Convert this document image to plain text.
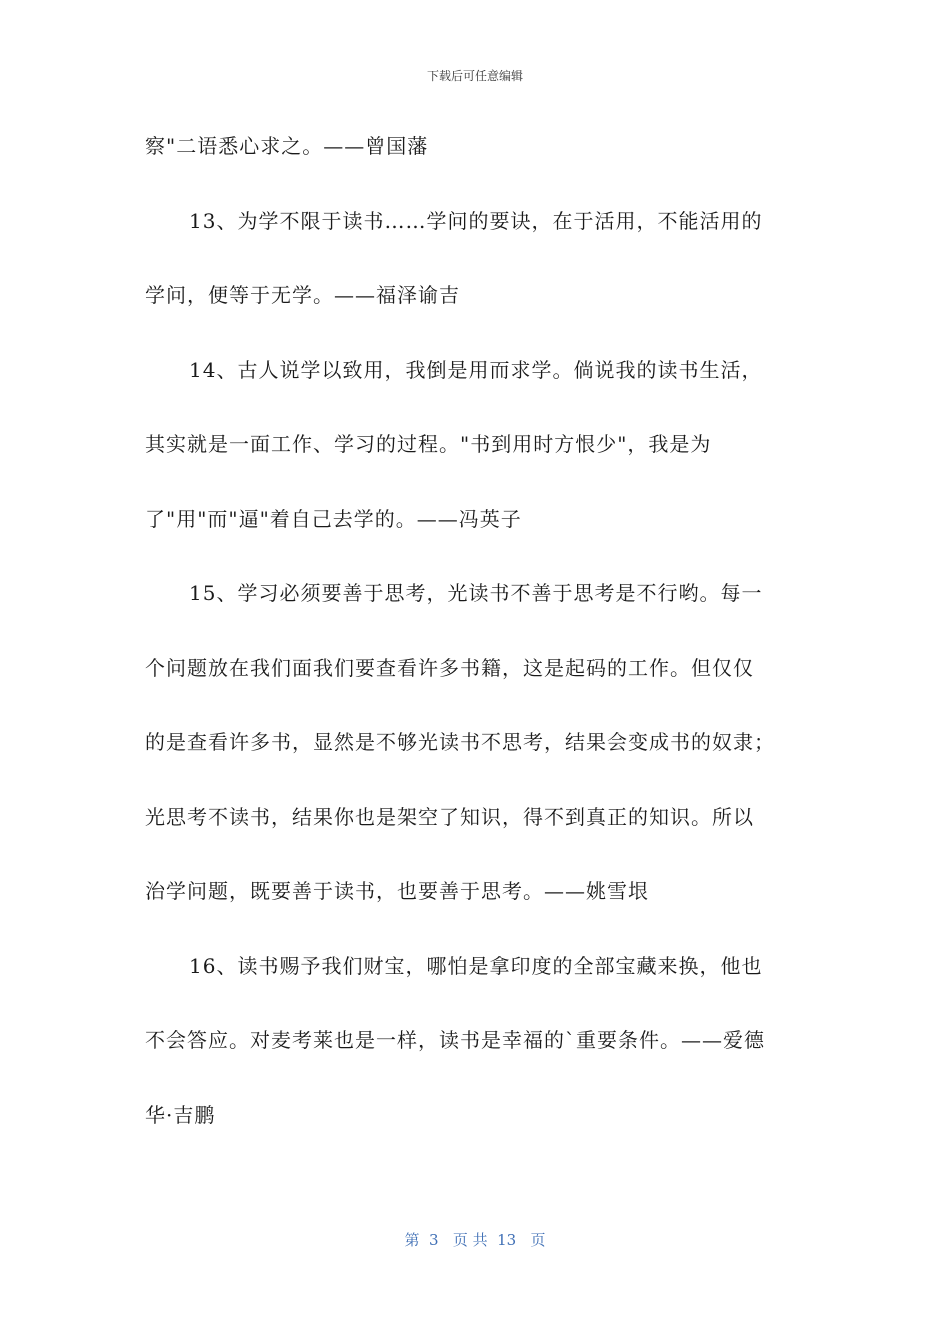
下载后可任意编辑
察"二语悉心求之。——曾国藩
13、为学不限于读书……学问的要诀，在于活用，不能活用的
学问，便等于无学。——福泽谕吉
14、古人说学以致用，我倒是用而求学。倘说我的读书生活，
其实就是一面工作、学习的过程。"书到用时方恨少"，我是为
了"用"而"逼"着自己去学的。——冯英子
15、学习必须要善于思考，光读书不善于思考是不行哟。每一
个问题放在我们面我们要查看许多书籍，这是起码的工作。但仅仅
的是查看许多书，显然是不够光读书不思考，结果会变成书的奴隶；
光思考不读书，结果你也是架空了知识，得不到真正的知识。所以
治学问题，既要善于读书，也要善于思考。——姚雪垠
16、读书赐予我们财宝，哪怕是拿印度的全部宝藏来换，他也
不会答应。对麦考莱也是一样，读书是幸福的`重要条件。——爱德
华·吉鹏
第  3   页 共  13   页
